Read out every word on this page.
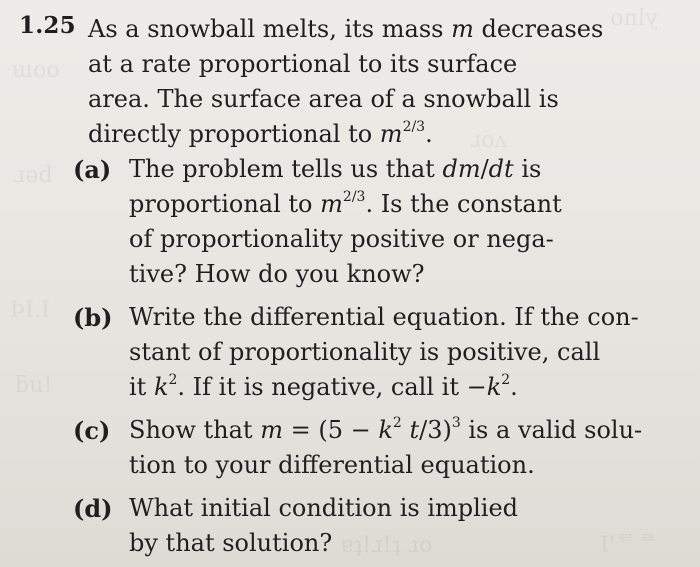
ylno
ɯoo
ɹoʌ
ɹəd
ÞI.I
ƃu!
ɐʇ!ɹ!ʇ ɹo	Ɩ'ᄅᄅ
1.25 As a snowball melts, its mass m decreases

at a rate proportional to its surface

area. The surface area of a snowball is

directly proportional to $m^{2/3}$.

(a) The problem tells us that dm/dt is

proportional to $m^{2/3}$. Is the constant

of proportionality positive or nega-

tive? How do you know?

(b) Write the differential equation. If the con-

stant of proportionality is positive, call

it $k^2$. If it is negative, call it $-k^2$.

(c) Show that $m = (5 - k^2$ t/3)$^3$ is a valid solu-

tion to your differential equation.

(d) What initial condition is implied

by that solution?
